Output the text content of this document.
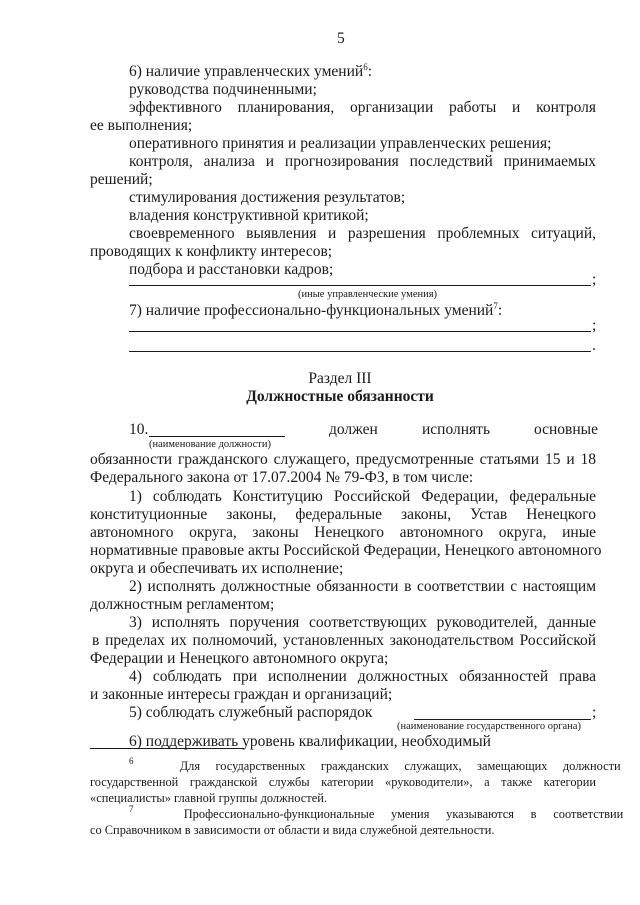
5
6) наличие управленческих умений$^6$:
руководства подчиненными;
эффективного планирования, организации работы и контроля
ее выполнения;
оперативного принятия и реализации управленческих решения;
контроля, анализа и прогнозирования последствий принимаемых
решений;
стимулирования достижения результатов;
владения конструктивной критикой;
своевременного выявления и разрешения проблемных ситуаций,
проводящих к конфликту интересов;
подбора и расстановки кадров;
;
(иные управленческие умения)
7) наличие профессионально-функциональных умений$^7$:
;
.
Раздел III
Должностные обязанности
10.	должен	исполнять	основные
(наименование должности)
обязанности гражданского служащего, предусмотренные статьями 15 и 18
Федерального закона от 17.07.2004 № 79-ФЗ, в том числе:
1) соблюдать Конституцию Российской Федерации, федеральные
конституционные законы, федеральные законы, Устав Ненецкого
автономного округа, законы Ненецкого автономного округа, иные
нормативные правовые акты Российской Федерации, Ненецкого автономного
округа и обеспечивать их исполнение;
2) исполнять должностные обязанности в соответствии с настоящим
должностным регламентом;
3) исполнять поручения соответствующих руководителей, данные
в пределах их полномочий, установленных законодательством Российской
Федерации и Ненецкого автономного округа;
4) соблюдать при исполнении должностных обязанностей права
и законные интересы граждан и организаций;
5) соблюдать служебный распорядок	;
(наименование государственного органа)
6) поддерживать уровень квалификации, необходимый
$^6$	Для государственных гражданских служащих, замещающих должности
государственной гражданской службы категории «руководители», а также категории
«специалисты» главной группы должностей.
$^7$	Профессионально-функциональные умения указываются в соответствии
со Справочником в зависимости от области и вида служебной деятельности.
